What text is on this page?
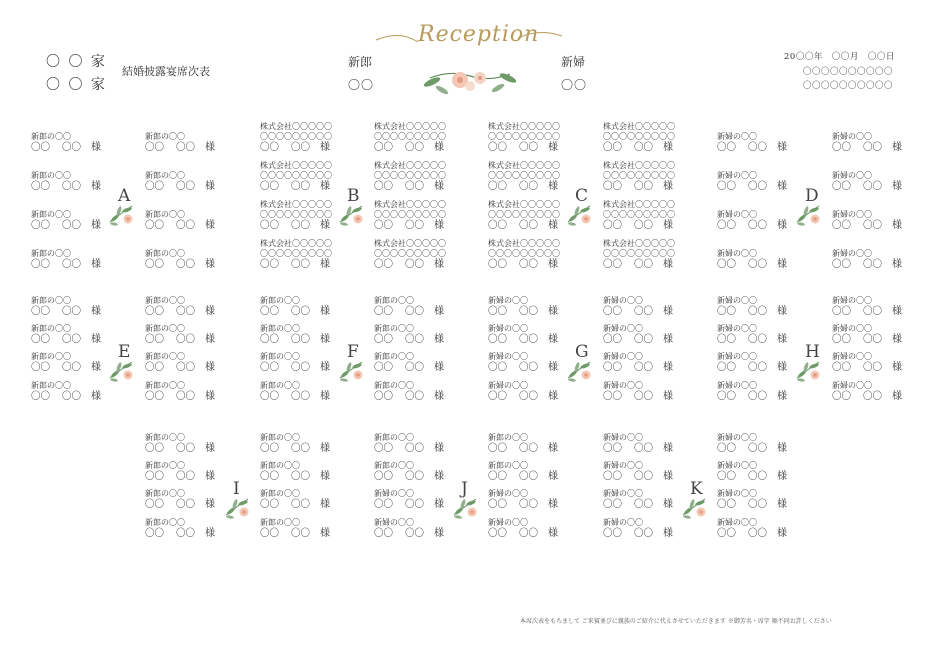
〇 〇 家
〇 〇 家
結婚披露宴席次表
Reception
新郎
〇〇
新婦
〇〇
20〇〇年　〇〇月　〇〇日
〇〇〇〇〇〇〇〇〇〇
〇〇〇〇〇〇〇〇〇〇
A
新郎の〇〇
〇〇 〇〇 様
新郎の〇〇
〇〇 〇〇 様
新郎の〇〇
〇〇 〇〇 様
新郎の〇〇
〇〇 〇〇 様
新郎の〇〇
〇〇 〇〇 様
新郎の〇〇
〇〇 〇〇 様
新郎の〇〇
〇〇 〇〇 様
新郎の〇〇
〇〇 〇〇 様
B
株式会社〇〇〇〇〇
〇〇〇〇〇〇〇〇〇
〇〇 〇〇 様
株式会社〇〇〇〇〇
〇〇〇〇〇〇〇〇〇
〇〇 〇〇 様
株式会社〇〇〇〇〇
〇〇〇〇〇〇〇〇〇
〇〇 〇〇 様
株式会社〇〇〇〇〇
〇〇〇〇〇〇〇〇〇
〇〇 〇〇 様
株式会社〇〇〇〇〇
〇〇〇〇〇〇〇〇〇
〇〇 〇〇 様
株式会社〇〇〇〇〇
〇〇〇〇〇〇〇〇〇
〇〇 〇〇 様
株式会社〇〇〇〇〇
〇〇〇〇〇〇〇〇〇
〇〇 〇〇 様
株式会社〇〇〇〇〇
〇〇〇〇〇〇〇〇〇
〇〇 〇〇 様
C
株式会社〇〇〇〇〇
〇〇〇〇〇〇〇〇〇
〇〇 〇〇 様
株式会社〇〇〇〇〇
〇〇〇〇〇〇〇〇〇
〇〇 〇〇 様
株式会社〇〇〇〇〇
〇〇〇〇〇〇〇〇〇
〇〇 〇〇 様
株式会社〇〇〇〇〇
〇〇〇〇〇〇〇〇〇
〇〇 〇〇 様
株式会社〇〇〇〇〇
〇〇〇〇〇〇〇〇〇
〇〇 〇〇 様
株式会社〇〇〇〇〇
〇〇〇〇〇〇〇〇〇
〇〇 〇〇 様
株式会社〇〇〇〇〇
〇〇〇〇〇〇〇〇〇
〇〇 〇〇 様
株式会社〇〇〇〇〇
〇〇〇〇〇〇〇〇〇
〇〇 〇〇 様
D
新婦の〇〇
〇〇 〇〇 様
新婦の〇〇
〇〇 〇〇 様
新婦の〇〇
〇〇 〇〇 様
新婦の〇〇
〇〇 〇〇 様
新婦の〇〇
〇〇 〇〇 様
新婦の〇〇
〇〇 〇〇 様
新婦の〇〇
〇〇 〇〇 様
新婦の〇〇
〇〇 〇〇 様
E
新郎の〇〇
〇〇 〇〇 様
新郎の〇〇
〇〇 〇〇 様
新郎の〇〇
〇〇 〇〇 様
新郎の〇〇
〇〇 〇〇 様
新郎の〇〇
〇〇 〇〇 様
新郎の〇〇
〇〇 〇〇 様
新郎の〇〇
〇〇 〇〇 様
新郎の〇〇
〇〇 〇〇 様
F
新郎の〇〇
〇〇 〇〇 様
新郎の〇〇
〇〇 〇〇 様
新郎の〇〇
〇〇 〇〇 様
新郎の〇〇
〇〇 〇〇 様
新郎の〇〇
〇〇 〇〇 様
新郎の〇〇
〇〇 〇〇 様
新郎の〇〇
〇〇 〇〇 様
新郎の〇〇
〇〇 〇〇 様
G
新婦の〇〇
〇〇 〇〇 様
新婦の〇〇
〇〇 〇〇 様
新婦の〇〇
〇〇 〇〇 様
新婦の〇〇
〇〇 〇〇 様
新婦の〇〇
〇〇 〇〇 様
新婦の〇〇
〇〇 〇〇 様
新婦の〇〇
〇〇 〇〇 様
新婦の〇〇
〇〇 〇〇 様
H
新婦の〇〇
〇〇 〇〇 様
新婦の〇〇
〇〇 〇〇 様
新婦の〇〇
〇〇 〇〇 様
新婦の〇〇
〇〇 〇〇 様
新婦の〇〇
〇〇 〇〇 様
新婦の〇〇
〇〇 〇〇 様
新婦の〇〇
〇〇 〇〇 様
新婦の〇〇
〇〇 〇〇 様
I
新郎の〇〇
〇〇 〇〇 様
新郎の〇〇
〇〇 〇〇 様
新郎の〇〇
〇〇 〇〇 様
新郎の〇〇
〇〇 〇〇 様
新郎の〇〇
〇〇 〇〇 様
新郎の〇〇
〇〇 〇〇 様
新郎の〇〇
〇〇 〇〇 様
新郎の〇〇
〇〇 〇〇 様
J
新郎の〇〇
〇〇 〇〇 様
新郎の〇〇
〇〇 〇〇 様
新郎の〇〇
〇〇 〇〇 様
新郎の〇〇
〇〇 〇〇 様
新婦の〇〇
〇〇 〇〇 様
新婦の〇〇
〇〇 〇〇 様
新婦の〇〇
〇〇 〇〇 様
新婦の〇〇
〇〇 〇〇 様
K
新婦の〇〇
〇〇 〇〇 様
新婦の〇〇
〇〇 〇〇 様
新婦の〇〇
〇〇 〇〇 様
新婦の〇〇
〇〇 〇〇 様
新婦の〇〇
〇〇 〇〇 様
新婦の〇〇
〇〇 〇〇 様
新婦の〇〇
〇〇 〇〇 様
新婦の〇〇
〇〇 〇〇 様
本席次表をもちまして ご来賓並びに親族のご紹介に代えさせていただきます ※御芳名・席字 順不同お許しください
